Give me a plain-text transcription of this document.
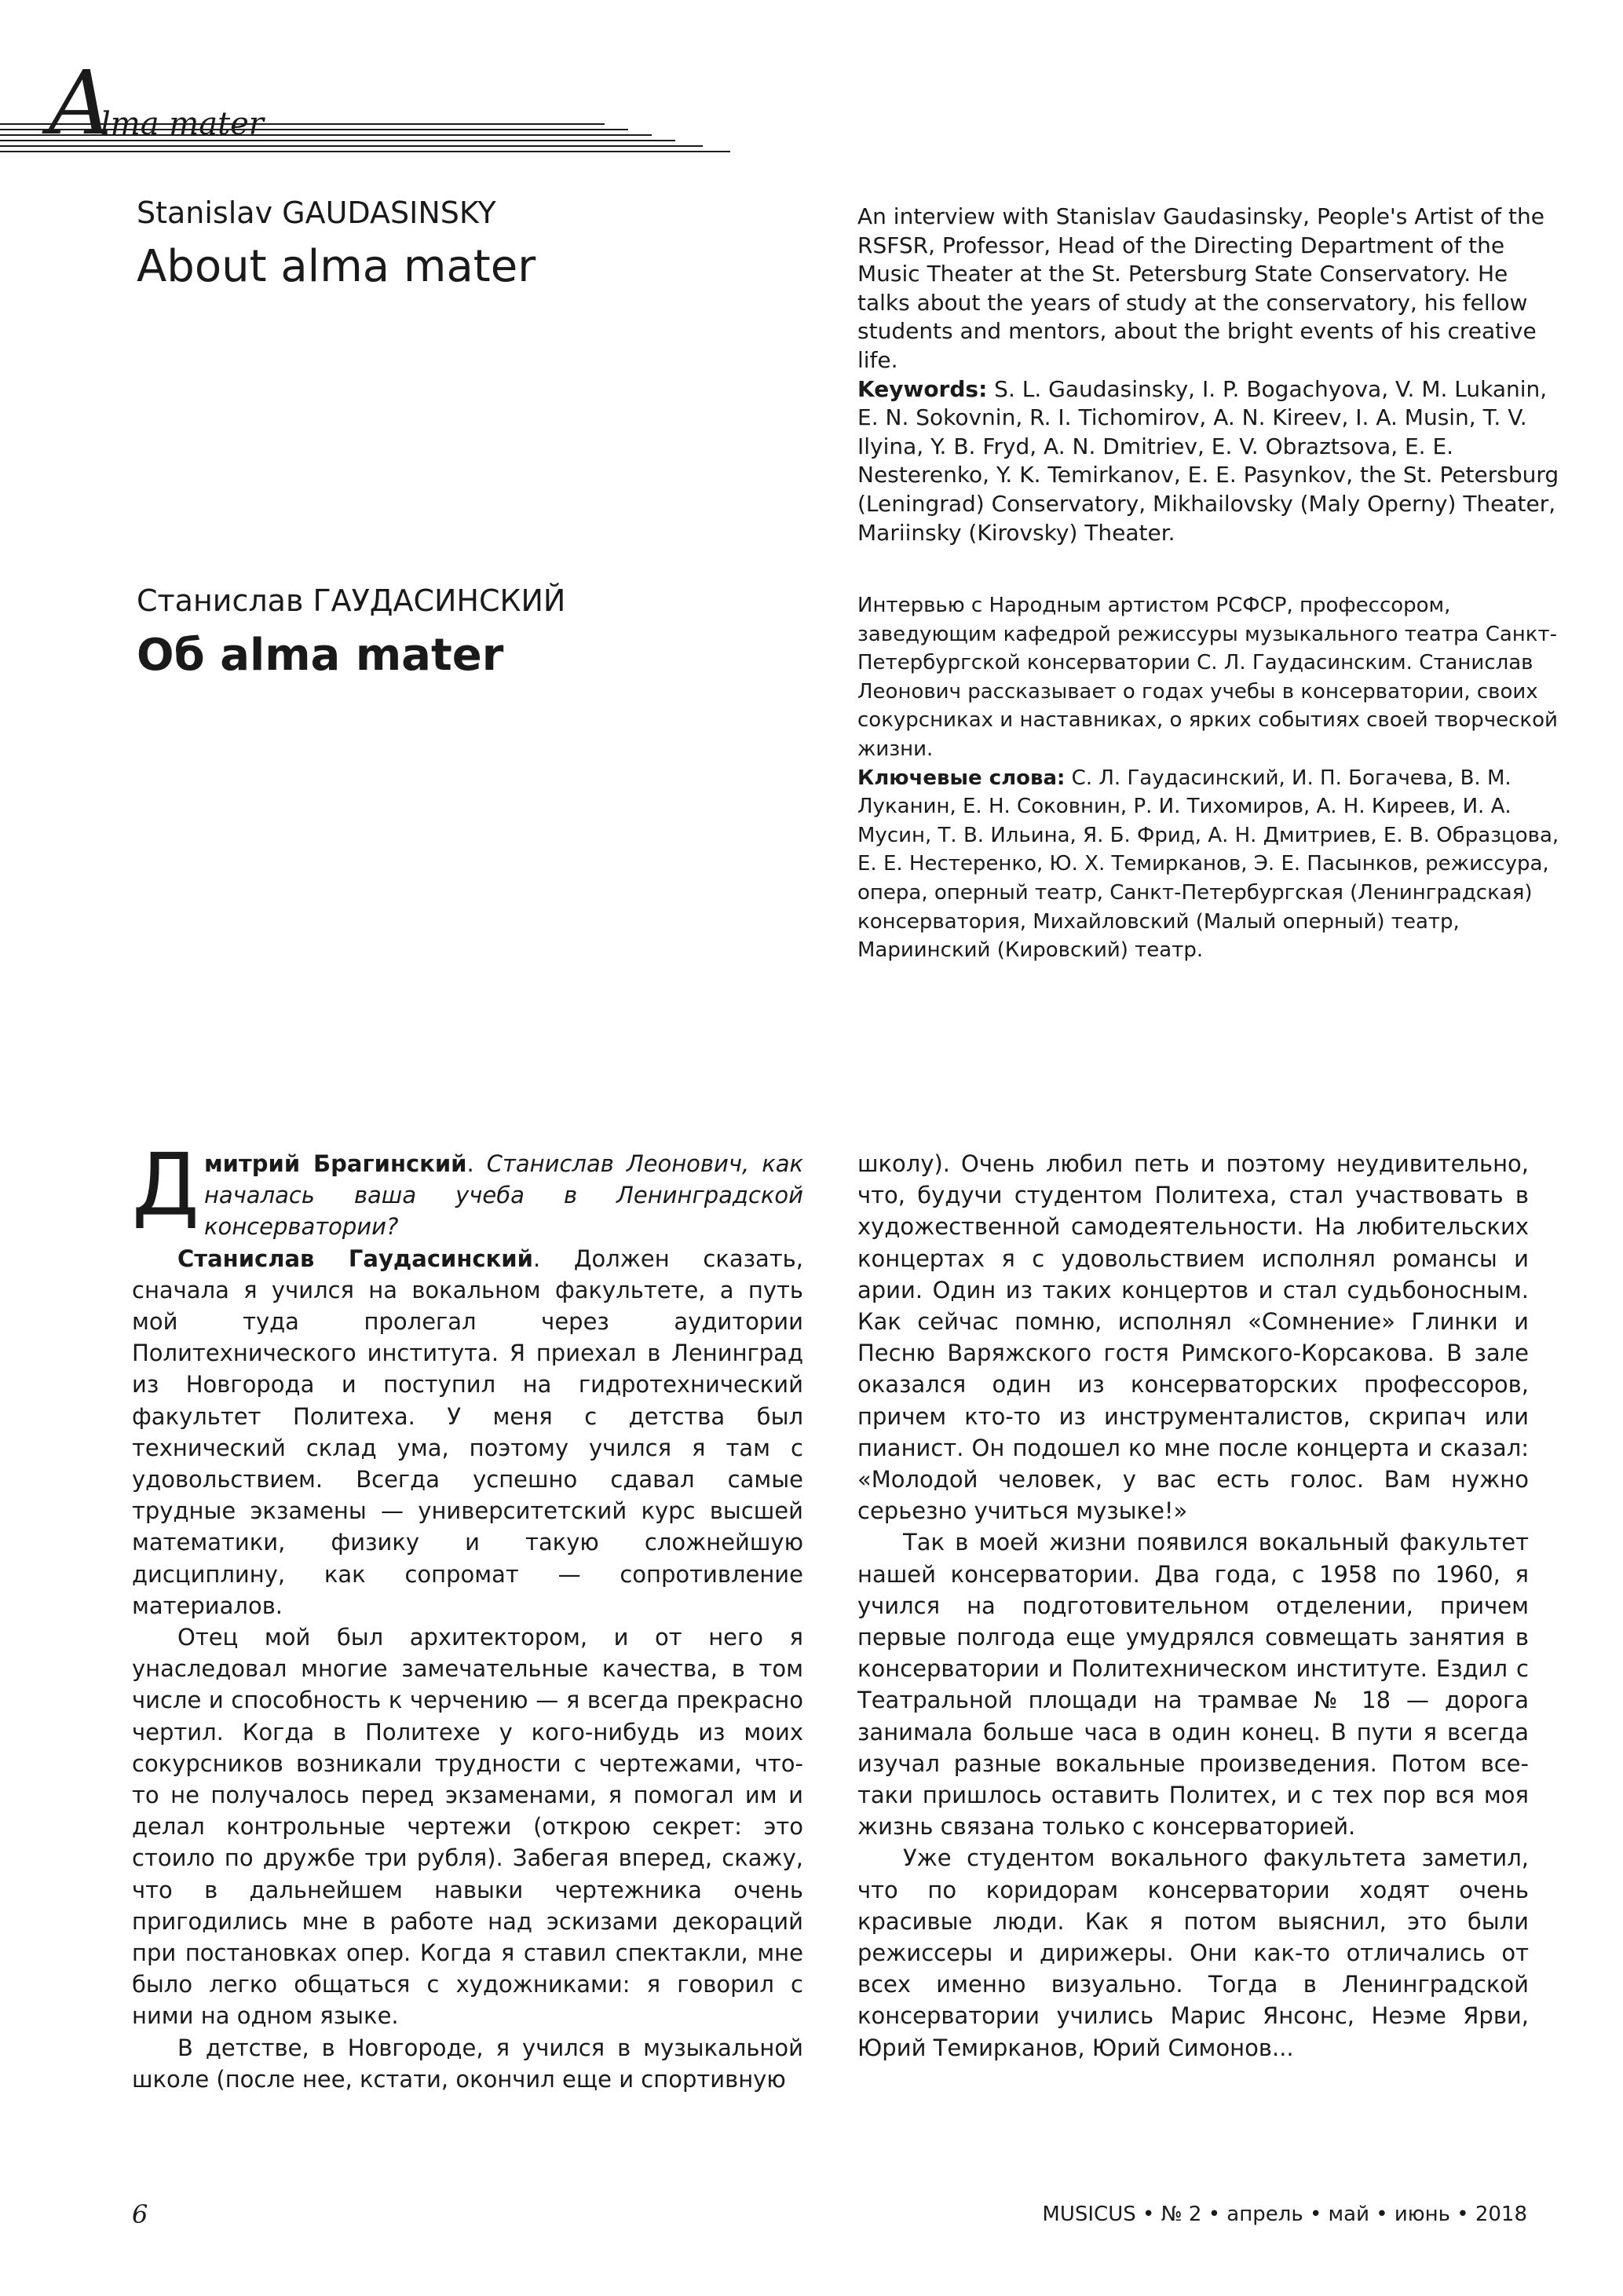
A
lma mater
Stanislav GAUDASINSKY
About alma mater
An interview with Stanislav Gaudasinsky, People's Artist of the RSFSR, Professor, Head of the Directing Department of the Music Theater at the St. Petersburg State Conservatory. He talks about the years of study at the conservatory, his fellow students and mentors, about the bright events of his creative life.
Keywords: S. L. Gaudasinsky, I. P. Bogachyova, V. M. Lukanin, E. N. Sokovnin, R. I. Tichomirov, A. N. Kireev, I. A. Musin, T. V. Ilyina, Y. B. Fryd, A. N. Dmitriev, E. V. Obraztsova, E. E. Nesterenko, Y. K. Temirkanov, E. E. Pasynkov, the St. Petersburg (Leningrad) Conservatory, Mikhailovsky (Maly Operny) Theater, Mariinsky (Kirovsky) Theater.
Станислав ГАУДАСИНСКИЙ
Об alma mater
Интервью с Народным артистом РСФСР, профессором, заведующим кафедрой режиссуры музыкального театра Санкт-Петербургской консерватории С. Л. Гаудасинским. Станислав Леонович рассказывает о годах учебы в консерватории, своих сокурсниках и наставниках, о ярких событиях своей творческой жизни.
Ключевые слова: С. Л. Гаудасинский, И. П. Богачева, В. М. Луканин, Е. Н. Соковнин, Р. И. Тихомиров, А. Н. Киреев, И. А. Мусин, Т. В. Ильина, Я. Б. Фрид, А. Н. Дмитриев, Е. В. Образцова, Е. Е. Нестеренко, Ю. Х. Темирканов, Э. Е. Пасынков, режиссура, опера, оперный театр, Санкт-Петербургская (Ленинградская) консерватория, Михайловский (Малый оперный) театр, Мариинский (Кировский) театр.

Дмитрий Брагинский. Станислав Леонович, как началась ваша учеба в Ленинградской консерватории?

Станислав Гаудасинский. Должен сказать, сначала я учился на вокальном факультете, а путь мой туда пролегал через аудитории Политехнического института. Я приехал в Ленинград из Новгорода и поступил на гидротехнический факультет Политеха. У меня с детства был технический склад ума, поэтому учился я там с удовольствием. Всегда успешно сдавал самые трудные экзамены — университетский курс высшей математики, физику и такую сложнейшую дисциплину, как сопромат — сопротивление материалов.

Отец мой был архитектором, и от него я унаследовал многие замечательные качества, в том числе и способность к черчению — я всегда прекрасно чертил. Когда в Политехе у кого-нибудь из моих сокурсников возникали трудности с чертежами, что-то не получалось перед экзаменами, я помогал им и делал контрольные чертежи (открою секрет: это стоило по дружбе три рубля). Забегая вперед, скажу, что в дальнейшем навыки чертежника очень пригодились мне в работе над эскизами декораций при постановках опер. Когда я ставил спектакли, мне было легко общаться с художниками: я говорил с ними на одном языке.

В детстве, в Новгороде, я учился в музыкальной школе (после нее, кстати, окончил еще и спортивную

школу). Очень любил петь и поэтому неудивительно, что, будучи студентом Политеха, стал участвовать в художественной самодеятельности. На любительских концертах я с удовольствием исполнял романсы и арии. Один из таких концертов и стал судьбоносным. Как сейчас помню, исполнял «Сомнение» Глинки и Песню Варяжского гостя Римского-Корсакова. В зале оказался один из консерваторских профессоров, причем кто-то из инструменталистов, скрипач или пианист. Он подошел ко мне после концерта и сказал: «Молодой человек, у вас есть голос. Вам нужно серьезно учиться музыке!»

Так в моей жизни появился вокальный факультет нашей консерватории. Два года, с 1958 по 1960, я учился на подготовительном отделении, причем первые полгода еще умудрялся совмещать занятия в консерватории и Политехническом институте. Ездил с Театральной площади на трамвае № 18 — дорога занимала больше часа в один конец. В пути я всегда изучал разные вокальные произведения. Потом все-таки пришлось оставить Политех, и с тех пор вся моя жизнь связана только с консерваторией.

Уже студентом вокального факультета заметил, что по коридорам консерватории ходят очень красивые люди. Как я потом выяснил, это были режиссеры и дирижеры. Они как-то отличались от всех именно визуально. Тогда в Ленинградской консерватории учились Марис Янсонс, Неэме Ярви, Юрий Темирканов, Юрий Симонов...

6	MUSICUS • № 2 • апрель • май • июнь • 2018
